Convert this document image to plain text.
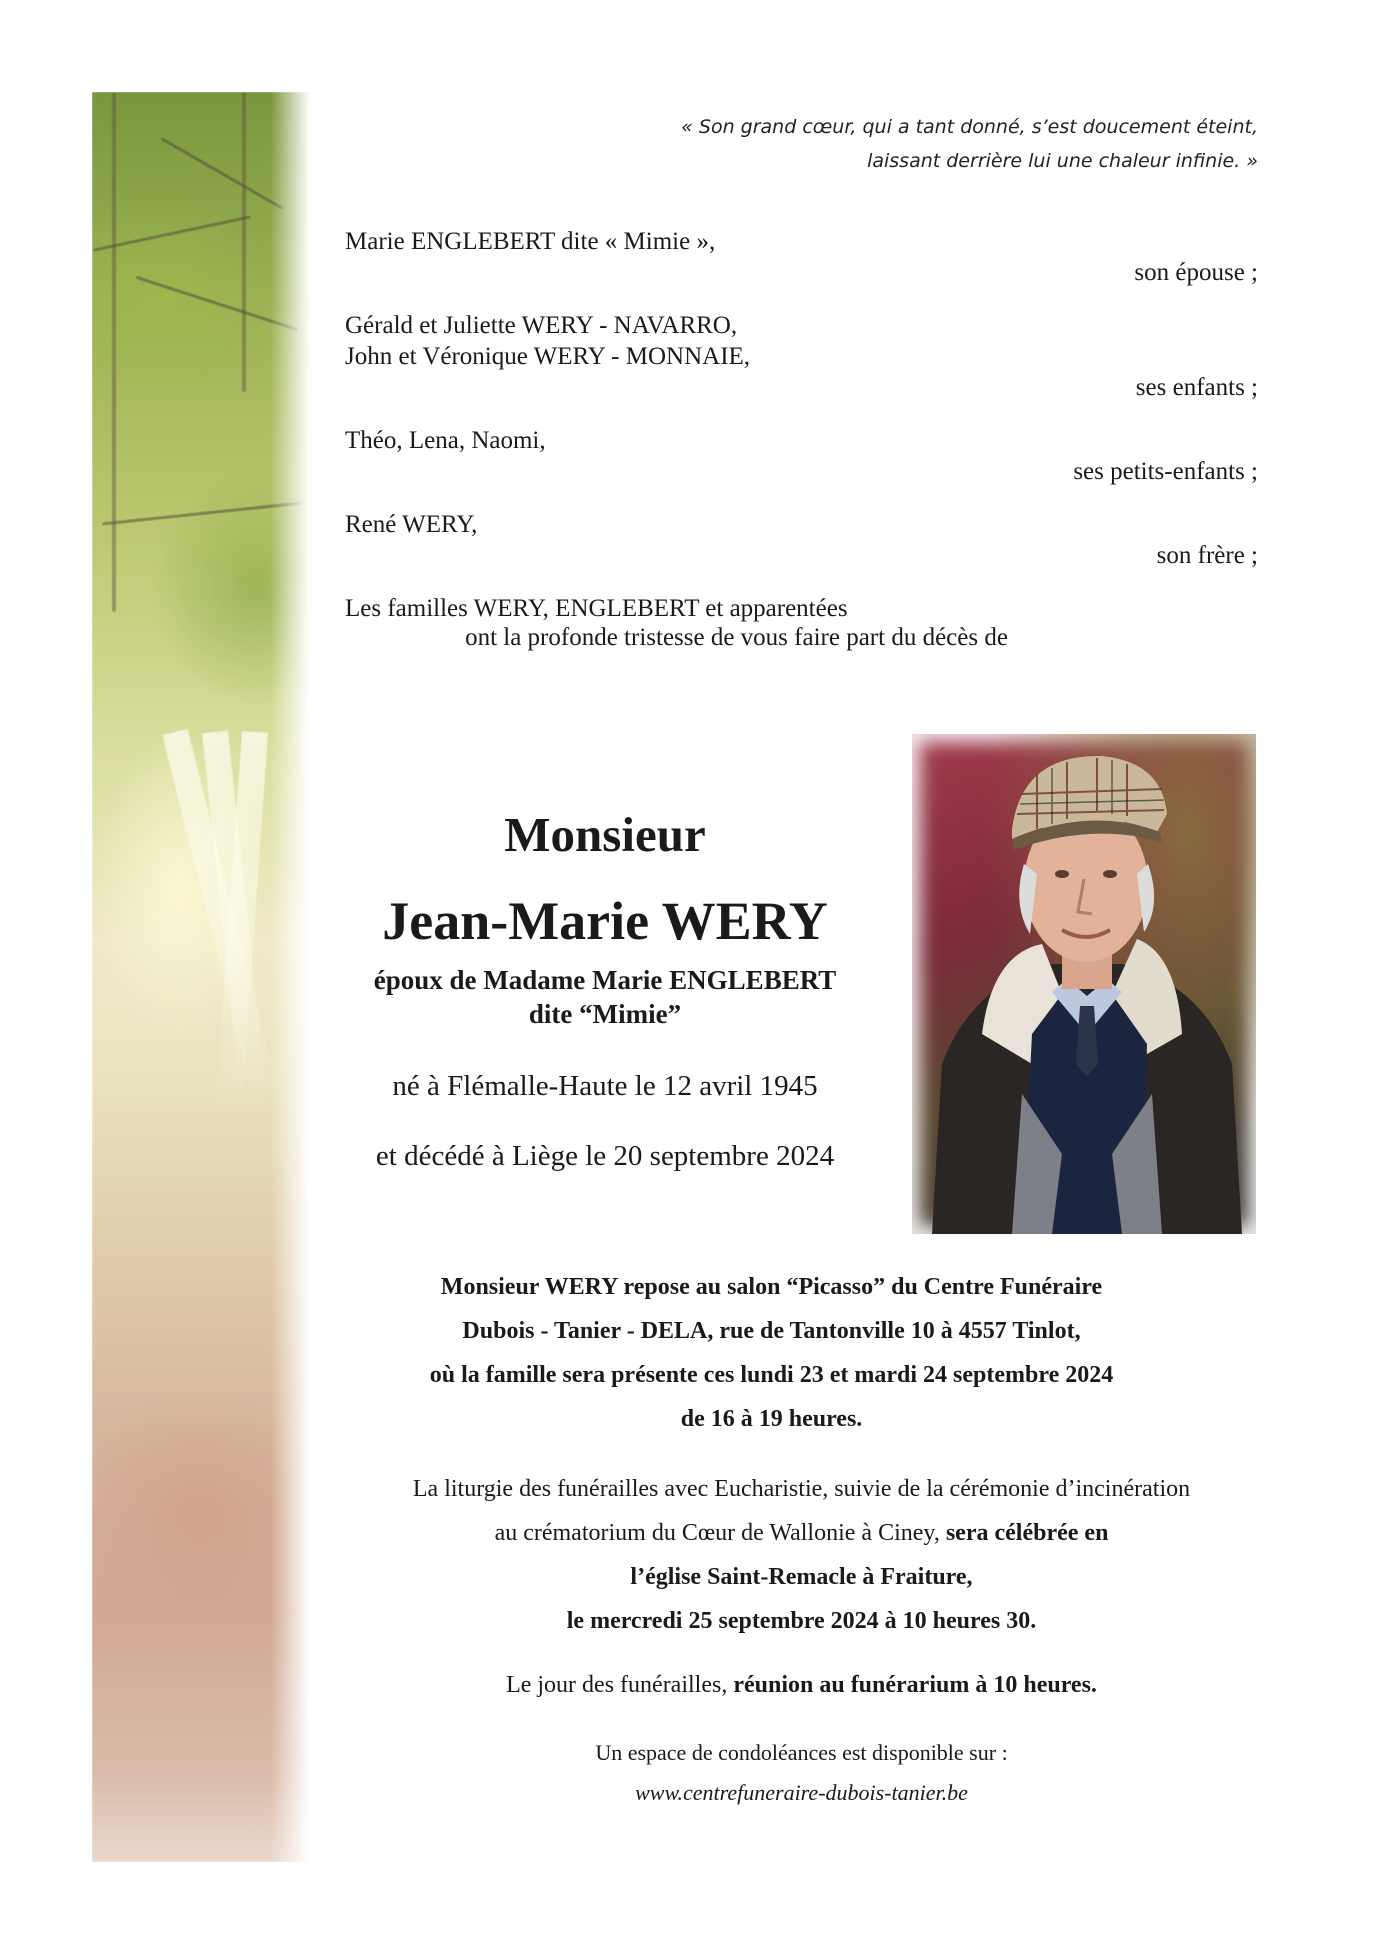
« Son grand cœur, qui a tant donné, s’est doucement éteint,
laissant derrière lui une chaleur infinie. »
Marie ENGLEBERT dite « Mimie »,
son épouse ;
Gérald et Juliette WERY - NAVARRO,
John et Véronique WERY - MONNAIE,
ses enfants ;
Théo, Lena, Naomi,
ses petits-enfants ;
René WERY,
son frère ;
Les familles WERY, ENGLEBERT et apparentées
ont la profonde tristesse de vous faire part du décès de
Monsieur
Jean-Marie WERY
époux de Madame Marie ENGLEBERT
dite “Mimie”
né à Flémalle-Haute le 12 avril 1945
et décédé à Liège le 20 septembre 2024

Monsieur WERY repose au salon “Picasso” du Centre Funéraire

Dubois - Tanier - DELA, rue de Tantonville 10 à 4557 Tinlot,

où la famille sera présente ces lundi 23 et mardi 24 septembre 2024

de 16 à 19 heures.

La liturgie des funérailles avec Eucharistie, suivie de la cérémonie d’incinération

au crématorium du Cœur de Wallonie à Ciney, sera célébrée en

l’église Saint-Remacle à Fraiture,

le mercredi 25 septembre 2024 à 10 heures 30.

Le jour des funérailles, réunion au funérarium à 10 heures.

Un espace de condoléances est disponible sur :

www.centrefuneraire-dubois-tanier.be
